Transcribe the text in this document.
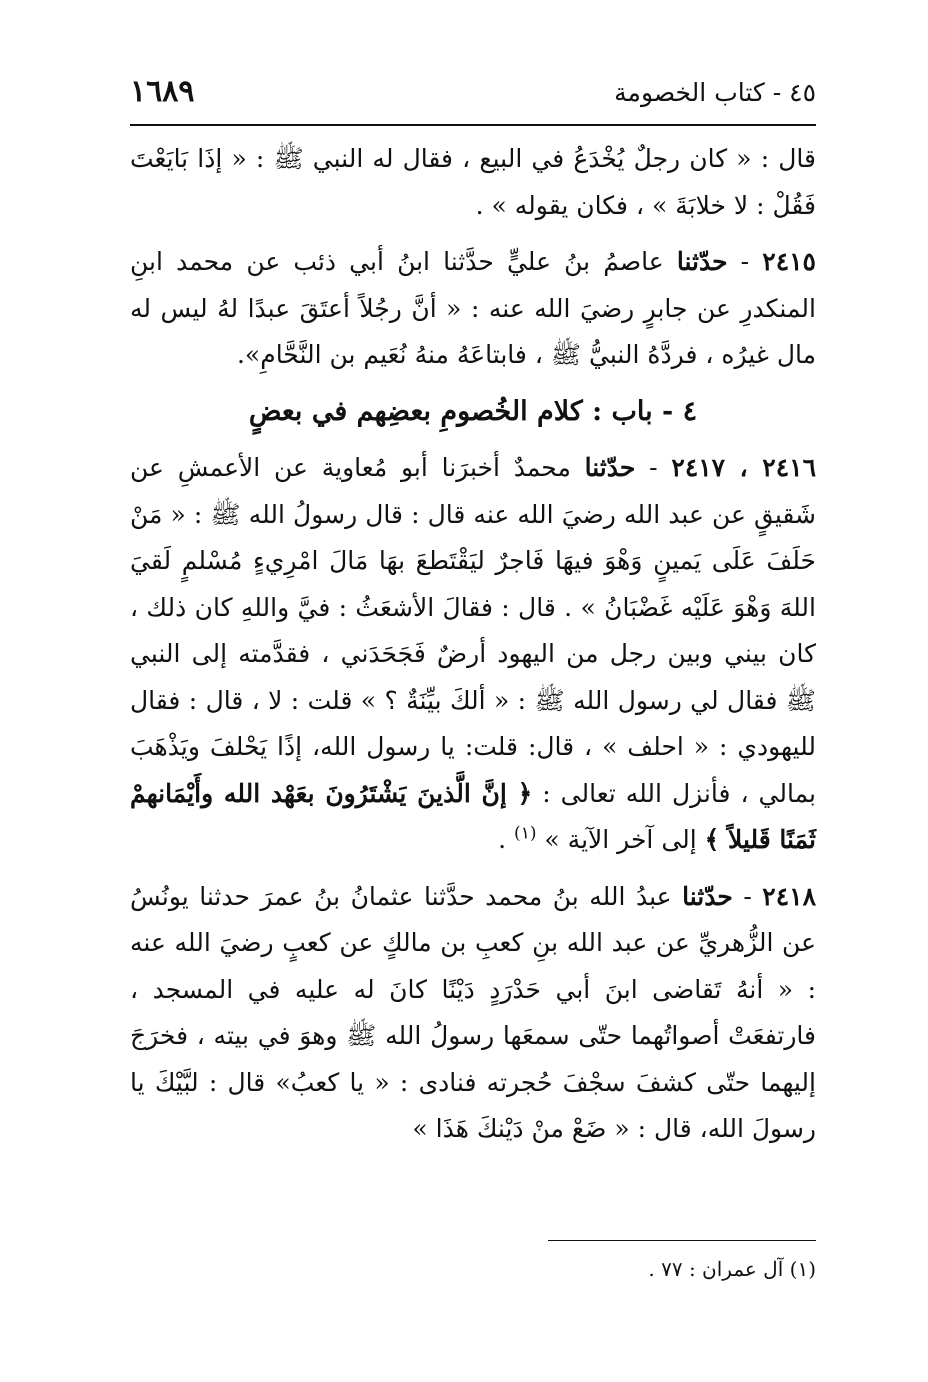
٤٥ - كتاب الخصومة
١٦٨٩

قال : « كان رجلٌ يُخْدَعُ في البيع ، فقال له النبي ﷺ : « إذَا بَايَعْتَ فَقُلْ : لا خلابَةَ » ، فكان يقوله » .

٢٤١٥ - حدّثنا عاصمُ بنُ عليٍّ حدَّثنا ابنُ أبي ذئب عن محمد ابنِ المنكدرِ عن جابرٍ رضيَ الله عنه : « أنَّ رجُلاً أعتَقَ عبدًا لهُ ليس له مال غيرُه ، فردَّهُ النبيُّ ﷺ ، فابتاعَهُ منهُ نُعَيم بن النَّحَّامِ».

٤ - باب : كلام الخُصومِ بعضِهم في بعضٍ

٢٤١٦ ، ٢٤١٧ - حدّثنا محمدٌ أخبرَنا أبو مُعاوية عن الأعمشِ عن شَقيقٍ عن عبد الله رضيَ الله عنه قال : قال رسولُ الله ﷺ : « مَنْ حَلَفَ عَلَى يَمينٍ وَهْوَ فيهَا فَاجرٌ ليَقْتَطعَ بهَا مَالَ امْرِيءٍ مُسْلمٍ لَقيَ اللهَ وَهْوَ عَلَيْه غَضْبَانُ » . قال : فقالَ الأشعَثُ : فيَّ واللهِ كان ذلك ، كان بيني وبين رجل من اليهود أرضٌ فَجَحَدَني ، فقدَّمته إلى النبي ﷺ فقال لي رسول الله ﷺ : « ألكَ بيِّنَةٌ ؟ » قلت : لا ، قال : فقال لليهودي : « احلف » ، قال: قلت: يا رسول الله، إذًا يَحْلفَ ويَذْهَبَ بمالي ، فأنزل الله تعالى : ﴿ إنَّ الَّذينَ يَشْتَرُونَ بعَهْد الله وأَيْمَانهمْ ثَمَنًا قَليلاً ﴾ إلى آخر الآية » $^{(١)}$ .

٢٤١٨ - حدّثنا عبدُ الله بنُ محمد حدَّثنا عثمانُ بنُ عمرَ حدثنا يونُسُ عن الزُّهريِّ عن عبد الله بنِ كعبِ بن مالكٍ عن كعبٍ رضيَ الله عنه : « أنهُ تَقاضى ابنَ أبي حَدْرَدٍ دَيْنًا كانَ له عليه في المسجد ، فارتفعَتْ أصواتُهما حتّى سمعَها رسولُ الله ﷺ وهوَ في بيته ، فخرَجَ إليهما حتّى كشفَ سجْفَ حُجرته فنادى : « يا كعبُ» قال : لبَّيْكَ يا رسولَ الله، قال : « ضَعْ منْ دَيْنكَ هَذَا »

(١) آل عمران : ٧٧ .
